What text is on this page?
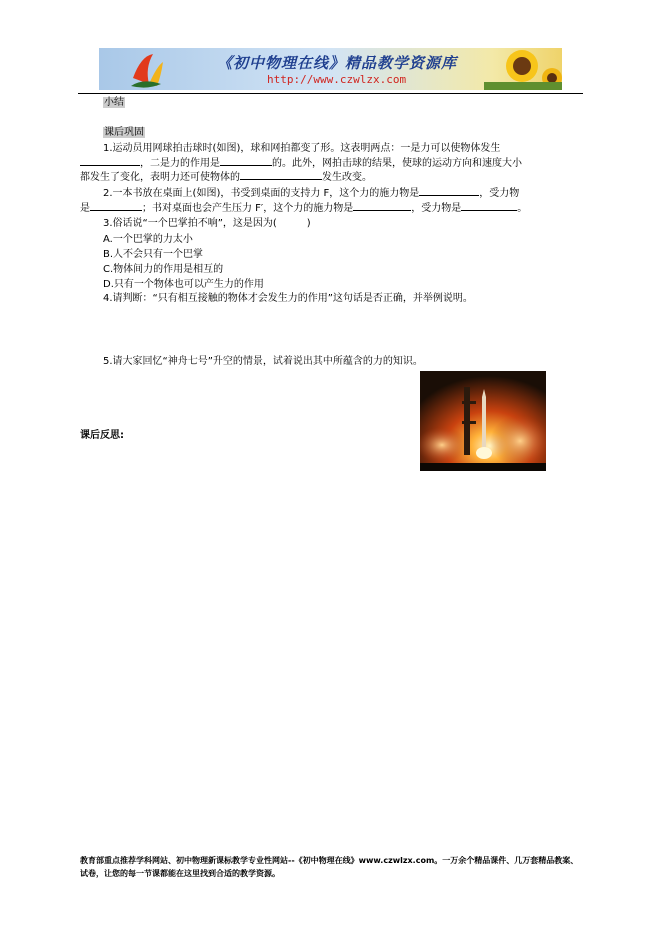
《初中物理在线》精品教学资源库
http://www.czwlzx.com
小结
课后巩固
1.运动员用网球拍击球时(如图)，球和网拍都变了形。这表明两点：一是力可以使物体发生
，二是力的作用是	的。此外，网拍击球的结果，使球的运动方向和速度大小
都发生了变化，表明力还可使物体的	发生改变。
2.一本书放在桌面上(如图)，书受到桌面的支持力 F，这个力的施力物是	，受力物
是	；书对桌面也会产生压力 F′，这个力的施力物是	，受力物是	。
3.俗话说“一个巴掌拍不响”，这是因为(　　　)
A.一个巴掌的力太小
B.人不会只有一个巴掌
C.物体间力的作用是相互的
D.只有一个物体也可以产生力的作用
4.请判断：“只有相互接触的物体才会发生力的作用”这句话是否正确，并举例说明。
5.请大家回忆“神舟七号”升空的情景，试着说出其中所蕴含的力的知识。
课后反思:
教育部重点推荐学科网站、初中物理新课标教学专业性网站--《初中物理在线》www.czwlzx.com。一万余个精品课件、几万套精品教案、试卷，让您的每一节课都能在这里找到合适的教学资源。
